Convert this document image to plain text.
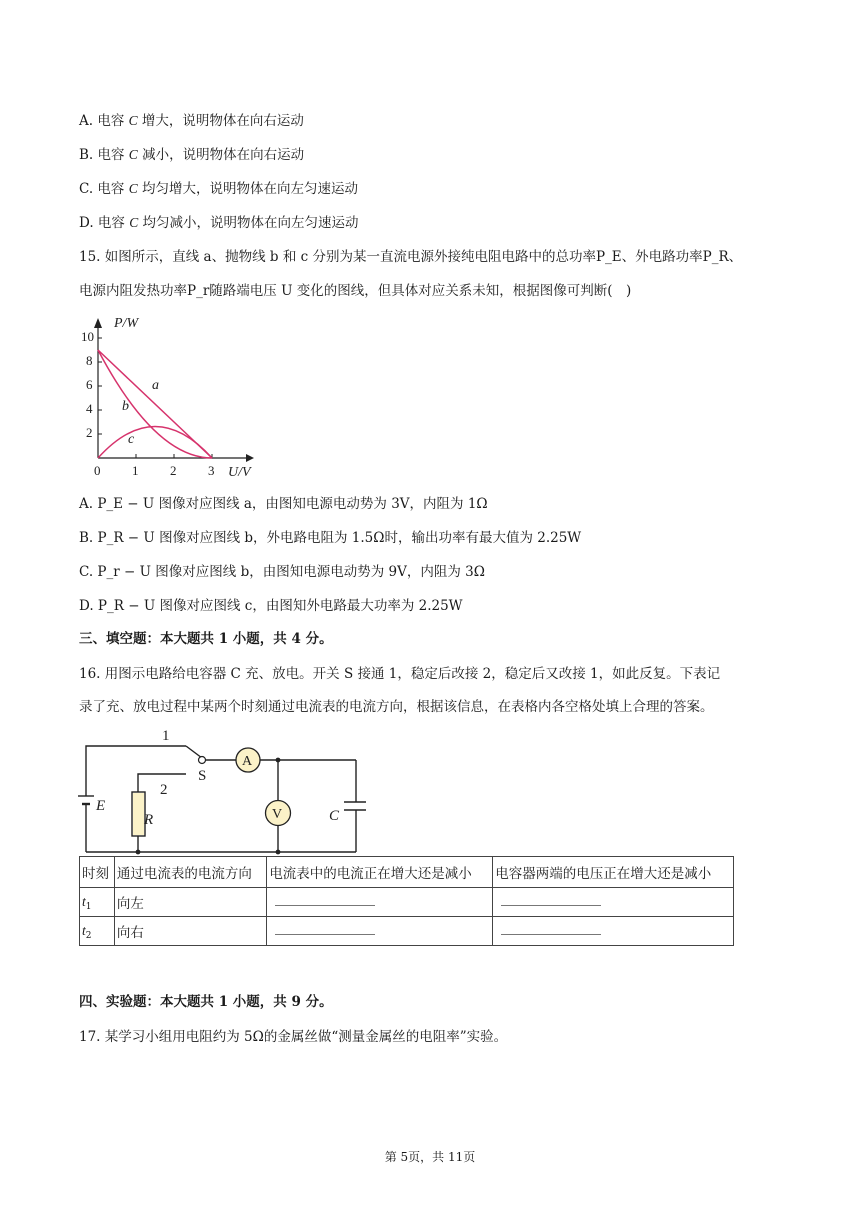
A. 电容 C 增大，说明物体在向右运动
B. 电容 C 减小，说明物体在向右运动
C. 电容 C 均匀增大，说明物体在向左匀速运动
D. 电容 C 均匀减小，说明物体在向左匀速运动
15. 如图所示，直线 a、抛物线 b 和 c 分别为某一直流电源外接纯电阻电路中的总功率P_E、外电路功率P_R、
电源内阻发热功率P_r随路端电压 U 变化的图线，但具体对应关系未知，根据图像可判断(　)
10
8
6
4
2
0 1 2 3
P/W
U/V
a
b
c
A. P_E − U 图像对应图线 a，由图知电源电动势为 3V，内阻为 1Ω
B. P_R − U 图像对应图线 b，外电路电阻为 1.5Ω时，输出功率有最大值为 2.25W
C. P_r − U 图像对应图线 b，由图知电源电动势为 9V，内阻为 3Ω
D. P_R − U 图像对应图线 c，由图知外电路最大功率为 2.25W
三、填空题：本大题共 1 小题，共 4 分。
16. 用图示电路给电容器 C 充、放电。开关 S 接通 1，稳定后改接 2，稳定后又改接 1，如此反复。下表记
录了充、放电过程中某两个时刻通过电流表的电流方向，根据该信息，在表格内各空格处填上合理的答案。
1
2
S
A
V
E
R	C
时刻	通过电流表的电流方向	电流表中的电流正在增大还是减小	电容器两端的电压正在增大还是减小
$t_1$	向左		
$t_2$	向右		
四、实验题：本大题共 1 小题，共 9 分。
17. 某学习小组用电阻约为 5Ω的金属丝做“测量金属丝的电阻率”实验。
第 5页，共 11页
